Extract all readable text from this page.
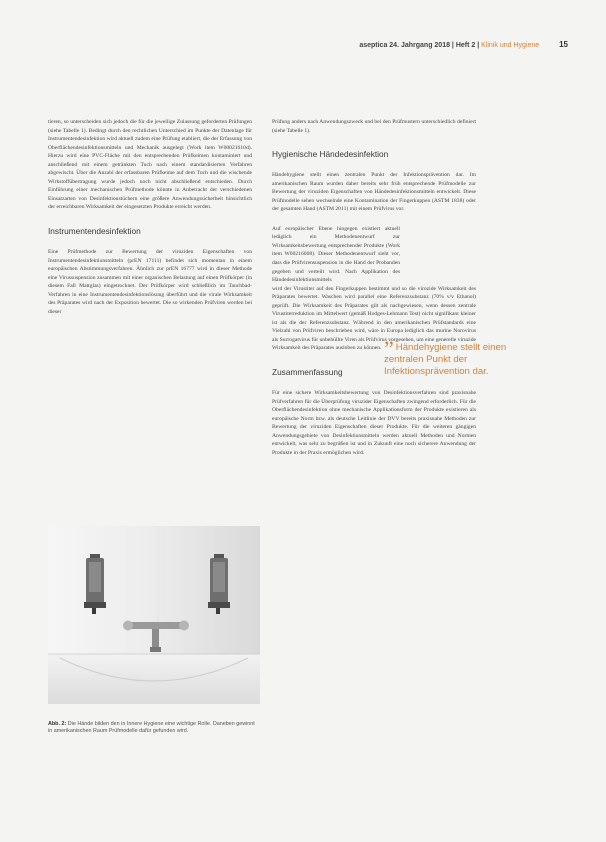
aseptica 24. Jahrgang 2018 | Heft 2 | Klinik und Hygiene 15

tieren, so unterscheiden sich jedoch die für die jeweilige Zulassung geforderten Prüfungen (siehe Tabelle 1). Bedingt durch den rechtlichen Unterschied im Punkte der Datenlage für Instrumentendesinfektion wird aktuell zudem eine Prüfung etabliert, die der Erfassung von Oberflächendesinfektionsmitteln und Mechanik ausgelegt (Work item W00021610d). Hierzu wird eine PVC-Fläche mit den entsprechenden Prüfkeimen kontaminiert und anschließend mit einem getränkten Tuch nach einem standardisierten Verfahren abgewischt. Über die Anzahl der erfassbaren Prüfkeime auf dem Tuch und die wischende Wirkstoffübertragung wurde jedoch noch nicht abschließend entschieden. Durch Einführung einer mechanischen Prüfmethode könnte in Anbetracht der verschiedenen Einsatzarten von Desinfektionstüchern eine größere Anwendungssicherheit hinsichtlich der erreichbaren Wirksamkeit der eingesetzten Produkte erreicht werden.

Instrumentendesinfektion

Eine Prüfmethode zur Bewertung der viruziden Eigenschaften von Instrumentendesinfektionsmitteln (prEN 17111) befindet sich momentan in einem europäischen Abstimmungsverfahren. Ähnlich zur prEN 16777 wird in dieser Methode eine Virussuspension zusammen mit einer organischen Belastung auf einen Prüfkörper (in diesem Fall Mattglas) eingetrocknet. Der Prüfkörper wird schließlich im Tauchbad-Verfahren in eine Instrumentendesinfektionslösung überführt und die virale Wirksamkeit des Präparates wird nach der Exposition bewertet. Die so wirkenden Prüfviren werden bei dieser

Abb. 2: Die Hände bilden den in Innere Hygiene eine wichtige Rolle. Daneben gewinnt in amerikanischen Raum Prüfmodelle dafür gefunden wird.

Prüfung anders nach Anwendungszweck und bei den Prüfmustern unterschiedlich definiert (siehe Tabelle 1).

Hygienische Händedesinfektion

Händehygiene stellt einen zentralen Punkt der Infektionsprävention dar. Im amerikanischen Raum wurden daher bereits sehr früh entsprechende Prüfmodelle zur Bewertung der viruziden Eigenschaften von Händedesinfektionsmitteln entwickelt. Diese Prüfmodelle sehen wechselnde eine Kontamination der Fingerkuppen (ASTM 1838) oder der gesamten Hand (ASTM 2011) mit einem Prüfvirus vor.

Auf europäischer Ebene hingegen existiert aktuell lediglich ein Methodenentwurf zur Wirksamkeitsbewertung entsprechender Produkte (Work item W00216008). Dieser Methodenentwurf sieht vor, dass die Prüfvirensuspension in die Hand der Probanden gegeben und verteilt wird. Nach Applikation des Händedesinfektionsmittels

wird der Virustiter auf den Fingerkuppen bestimmt und so die virozide Wirksamkeit des Präparates bewertet. Waschen wird parallel eine Referenzsubstanz (70% v/v Ethanol) geprüft. Die Wirksamkeit des Präparates gilt als nachgewiesen, wenn dessen zentrale Virustiterreduktion im Mittelwert (gemäß Hodges-Lehmann Test) nicht signifikant kleiner ist als die der Referenzsubstanz. Während in den amerikanischen Prüfstandards eine Vielzahl von Prüfviren beschrieben wird, wäre in Europa lediglich das murine Norovirus als Surrogatvirus für unbehüllte Viren als Prüfvirus vorgesehen, um eine generelle viruzide Wirksamkeit des Präparates ausloben zu können.

Zusammenfassung

Für eine sichere Wirksamkeitsbewertung von Desinfektionsverfahren sind praxisnahe Prüfverfahren für die Überprüfung viruzider Eigenschaften zwingend erforderlich. Für die Oberflächendesinfektion ohne mechanische Applikationsform der Produkte existieren als europäische Norm bzw. als deutsche Leitlinie der DVV bereits praxisnahe Methoden zur Bewertung der viruziden Eigenschaften dieser Produkte. Für die weiteren gängigen Anwendungsgebiete von Desinfektionsmitteln werden aktuell Methoden und Normen entwickelt, was sehr zu begrüßen ist und in Zukunft eine noch sicherere Anwendung der Produkte in der Praxis ermöglichen wird.

” Händehygiene stellt einen zentralen Punkt der Infektionsprävention dar.
